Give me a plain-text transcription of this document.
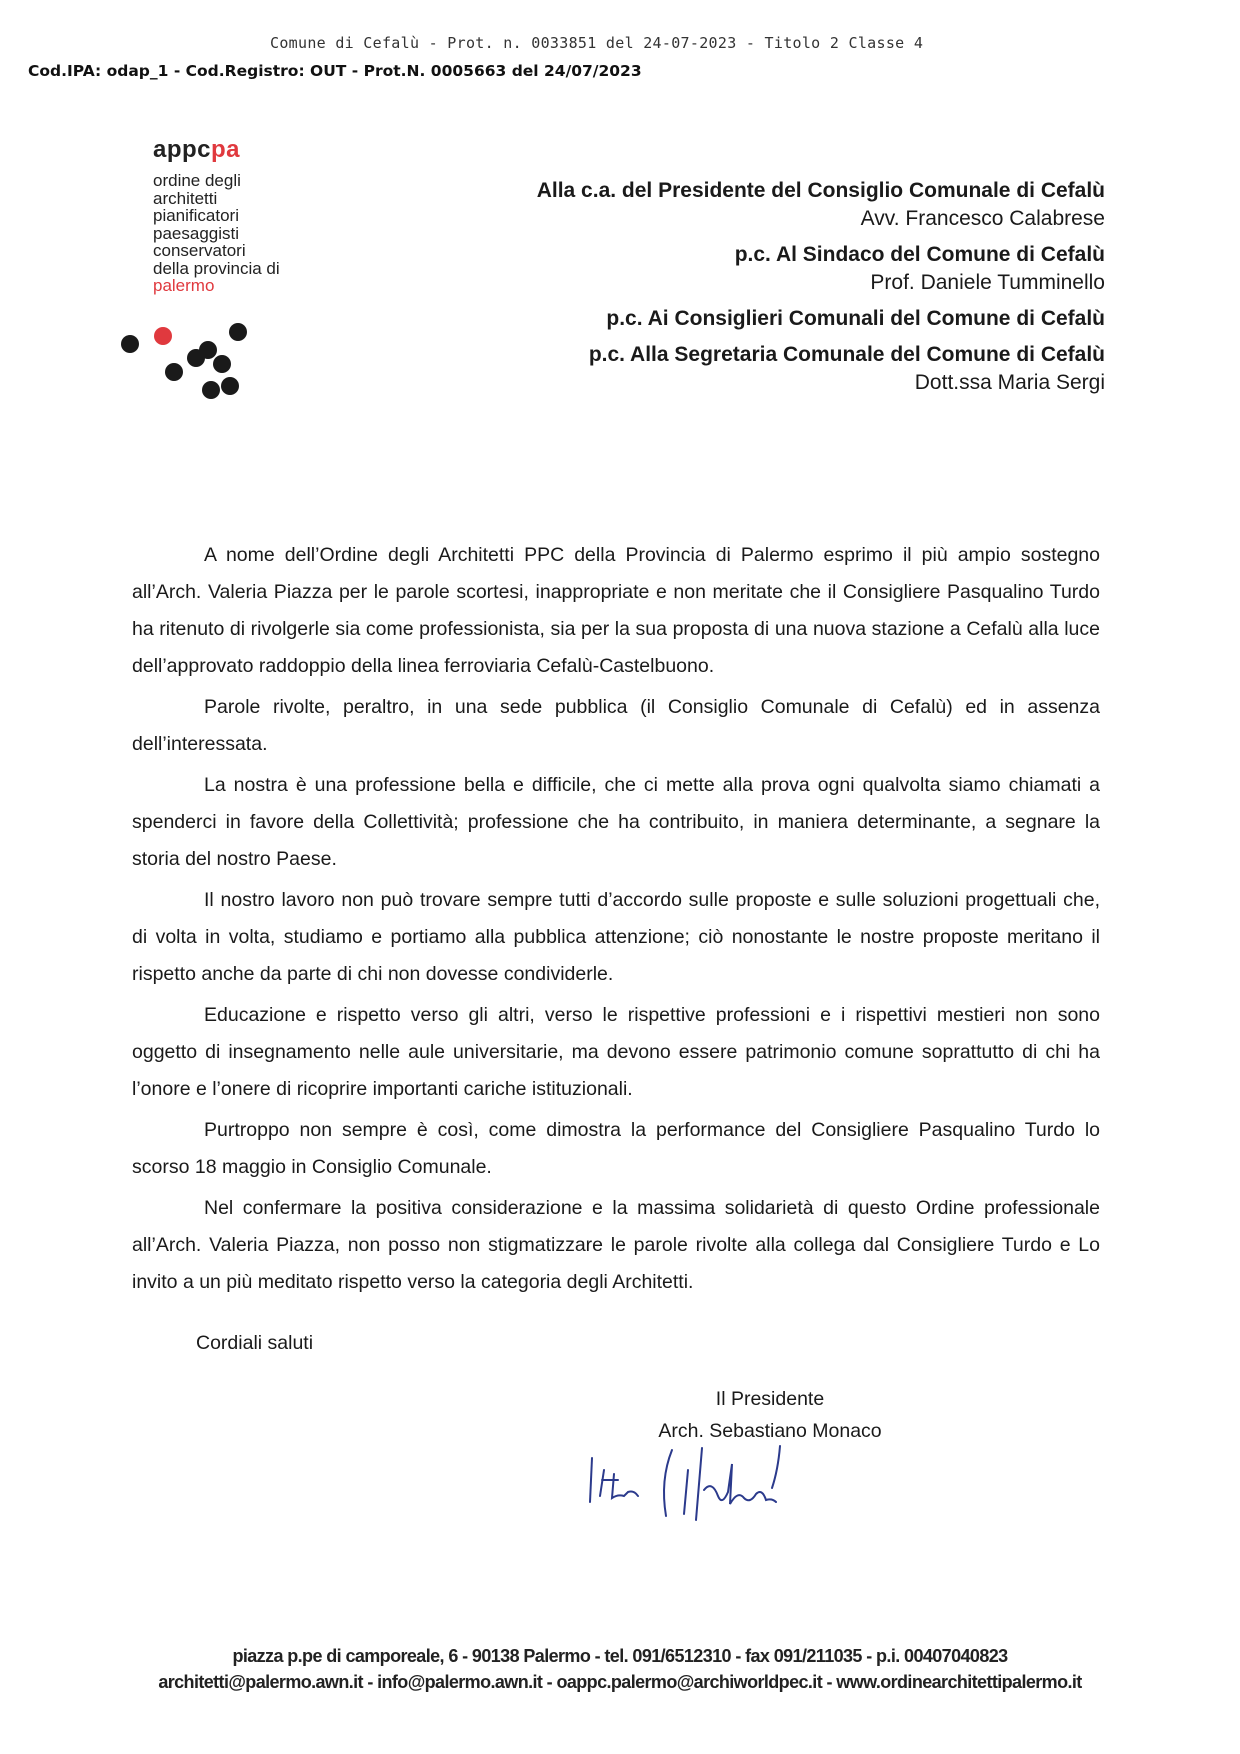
Comune di Cefalù - Prot. n. 0033851 del 24-07-2023 - Titolo 2 Classe 4
Cod.IPA: odap_1 - Cod.Registro: OUT - Prot.N. 0005663 del 24/07/2023
appcpa
ordine degli
architetti
pianificatori
paesaggisti
conservatori
della provincia di
palermo
Alla c.a. del Presidente del Consiglio Comunale di Cefalù
Avv. Francesco Calabrese
p.c. Al Sindaco del Comune di Cefalù
Prof. Daniele Tumminello
p.c. Ai Consiglieri Comunali del Comune di Cefalù
p.c. Alla Segretaria Comunale del Comune di Cefalù
Dott.ssa Maria Sergi

A nome dell’Ordine degli Architetti PPC della Provincia di Palermo esprimo il più ampio sostegno all’Arch. Valeria Piazza per le parole scortesi, inappropriate e non meritate che il Consigliere Pasqualino Turdo ha ritenuto di rivolgerle sia come professionista, sia per la sua proposta di una nuova stazione a Cefalù alla luce dell’approvato raddoppio della linea ferroviaria Cefalù-Castelbuono.

Parole rivolte, peraltro, in una sede pubblica (il Consiglio Comunale di Cefalù) ed in assenza dell’interessata.

La nostra è una professione bella e difficile, che ci mette alla prova ogni qualvolta siamo chiamati a spenderci in favore della Collettività; professione che ha contribuito, in maniera determinante, a segnare la storia del nostro Paese.

Il nostro lavoro non può trovare sempre tutti d’accordo sulle proposte e sulle soluzioni progettuali che, di volta in volta, studiamo e portiamo alla pubblica attenzione; ciò nonostante le nostre proposte meritano il rispetto anche da parte di chi non dovesse condividerle.

Educazione e rispetto verso gli altri, verso le rispettive professioni e i rispettivi mestieri non sono oggetto di insegnamento nelle aule universitarie, ma devono essere patrimonio comune soprattutto di chi ha l’onore e l’onere di ricoprire importanti cariche istituzionali.

Purtroppo non sempre è così, come dimostra la performance del Consigliere Pasqualino Turdo lo scorso 18 maggio in Consiglio Comunale.

Nel confermare la positiva considerazione e la massima solidarietà di questo Ordine professionale all’Arch. Valeria Piazza, non posso non stigmatizzare le parole rivolte alla collega dal Consigliere Turdo e Lo invito a un più meditato rispetto verso la categoria degli Architetti.

Cordiali saluti
Il Presidente
Arch. Sebastiano Monaco
piazza p.pe di camporeale, 6 - 90138 Palermo - tel. 091/6512310 - fax 091/211035 - p.i. 00407040823
architetti@palermo.awn.it - info@palermo.awn.it - oappc.palermo@archiworldpec.it - www.ordinearchitettipalermo.it
